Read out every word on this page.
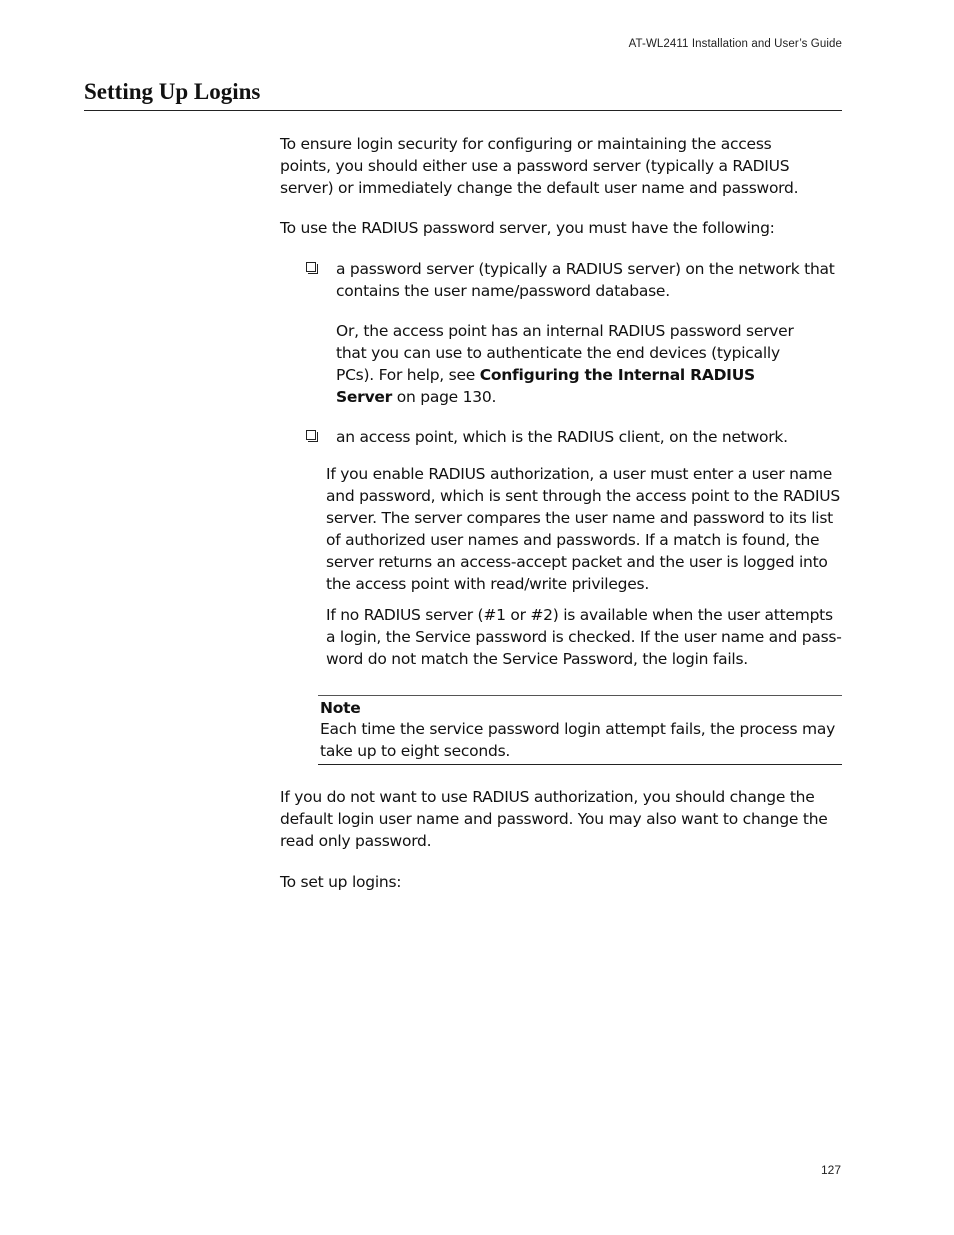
AT-WL2411 Installation and User’s Guide
Setting Up Logins

To ensure login security for configuring or maintaining the access points, you should either use a password server (typically a RADIUS server) or immediately change the default user name and password.

To use the RADIUS password server, you must have the following:

a password server (typically a RADIUS server) on the network that contains the user name/password database.

Or, the access point has an internal RADIUS password server that you can use to authenticate the end devices (typically PCs). For help, see Configuring the Internal RADIUS Server on page 130.

an access point, which is the RADIUS client, on the network.

If you enable RADIUS authorization, a user must enter a user name and password, which is sent through the access point to the RADIUS server. The server compares the user name and password to its list of authorized user names and passwords. If a match is found, the server returns an access-accept packet and the user is logged into the access point with read/write privileges.

If no RADIUS server (#1 or #2) is available when the user attempts a login, the Service password is checked. If the user name and pass-word do not match the Service Password, the login fails.

Note

Each time the service password login attempt fails, the process may take up to eight seconds.

If you do not want to use RADIUS authorization, you should change the default login user name and password. You may also want to change the read only password.

To set up logins:

127
